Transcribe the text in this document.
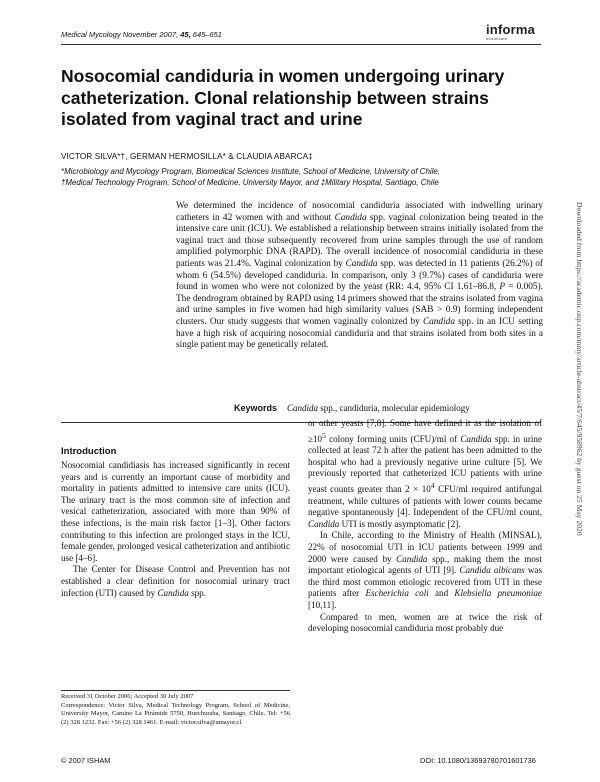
Medical Mycology November 2007, 45, 645–651	informa
healthcare
Nosocomial candiduria in women undergoing urinary
catheterization. Clonal relationship between strains
isolated from vaginal tract and urine
VICTOR SILVA*†, GERMAN HERMOSILLA* & CLAUDIA ABARCA‡
*Microbiology and Mycology Program, Biomedical Sciences Institute, School of Medicine, University of Chile,
†Medical Technology Program, School of Medicine, University Mayor, and ‡Military Hospital, Santiago, Chile

We determined the incidence of nosocomial candiduria associated with indwelling urinary catheters in 42 women with and without Candida spp. vaginal colonization being treated in the intensive care unit (ICU). We established a relationship between strains initially isolated from the vaginal tract and those subsequently recovered from urine samples through the use of random amplified polymorphic DNA (RAPD). The overall incidence of nosocomial candiduria in these patients was 21.4%. Vaginal colonization by Candida spp. was detected in 11 patients (26.2%) of whom 6 (54.5%) developed candiduria. In comparison, only 3 (9.7%) cases of candiduria were found in women who were not colonized by the yeast (RR: 4.4, 95% CI 1.61–86.8, P = 0.005). The dendrogram obtained by RAPD using 14 primers showed that the strains isolated from vagina and urine samples in five women had high similarity values (SAB > 0.9) forming independent clusters. Our study suggests that women vaginally colonized by Candida spp. in an ICU setting have a high risk of acquiring nosocomial candiduria and that strains isolated from both sites in a single patient may be genetically related.

Keywords Candida spp., candiduria, molecular epidemiology	Downloaded from https://academic.oup.com/mmy/article-abstract/45/7/645/958962 by guest on 25 May 2020
Introduction

Nosocomial candidiasis has increased significantly in recent years and is currently an important cause of morbidity and mortality in patients admitted to intensive care units (ICU). The urinary tract is the most common site of infection and vesical catheterization, associated with more than 90% of these infections, is the main risk factor [1–3]. Other factors contributing to this infection are prolonged stays in the ICU, female gender, prolonged vesical catheterization and antibiotic use [4–6].

The Center for Disease Control and Prevention has not established a clear definition for nosocomial urinary tract infection (UTI) caused by Candida spp.

or other yeasts [7,8]. Some have defined it as the isolation of $\ge 10^5$ colony forming units (CFU)/ml of Candida spp. in urine collected at least 72 h after the patient has been admitted to the hospital who had a previously negative urine culture [5]. We previously reported that catheterized ICU patients with urine yeast counts greater than $2 \times 10^4$ CFU/ml required antifungal treatment, while cultures of patients with lower counts became negative spontaneously [4]. Independent of the CFU/ml count, Candida UTI is mostly asymptomatic [2].

In Chile, according to the Ministry of Health (MINSAL), 22% of nosocomial UTI in ICU patients between 1999 and 2000 were caused by Candida spp., making them the most important etiological agents of UTI [9]. Candida albicans was the third most common etiologic recovered from UTI in these patients after Escherichia coli and Klebsiella pneumoniae [10,11].

Compared to men, women are at twice the risk of developing nosocomial candiduria most probably due

Received 31 October 2006; Accepted 30 July 2007

Correspondence: Victor Silva, Medical Technology Program, School of Medicine, University Mayor, Camino La Pirámide 5750, Huechuraba, Santiago, Chile. Tel: +56 (2) 328 1232. Fax: +56 (2) 328 1461. E-mail: victor.silva@umayor.cl

© 2007 ISHAM	DOI: 10.1080/13693780701601736
